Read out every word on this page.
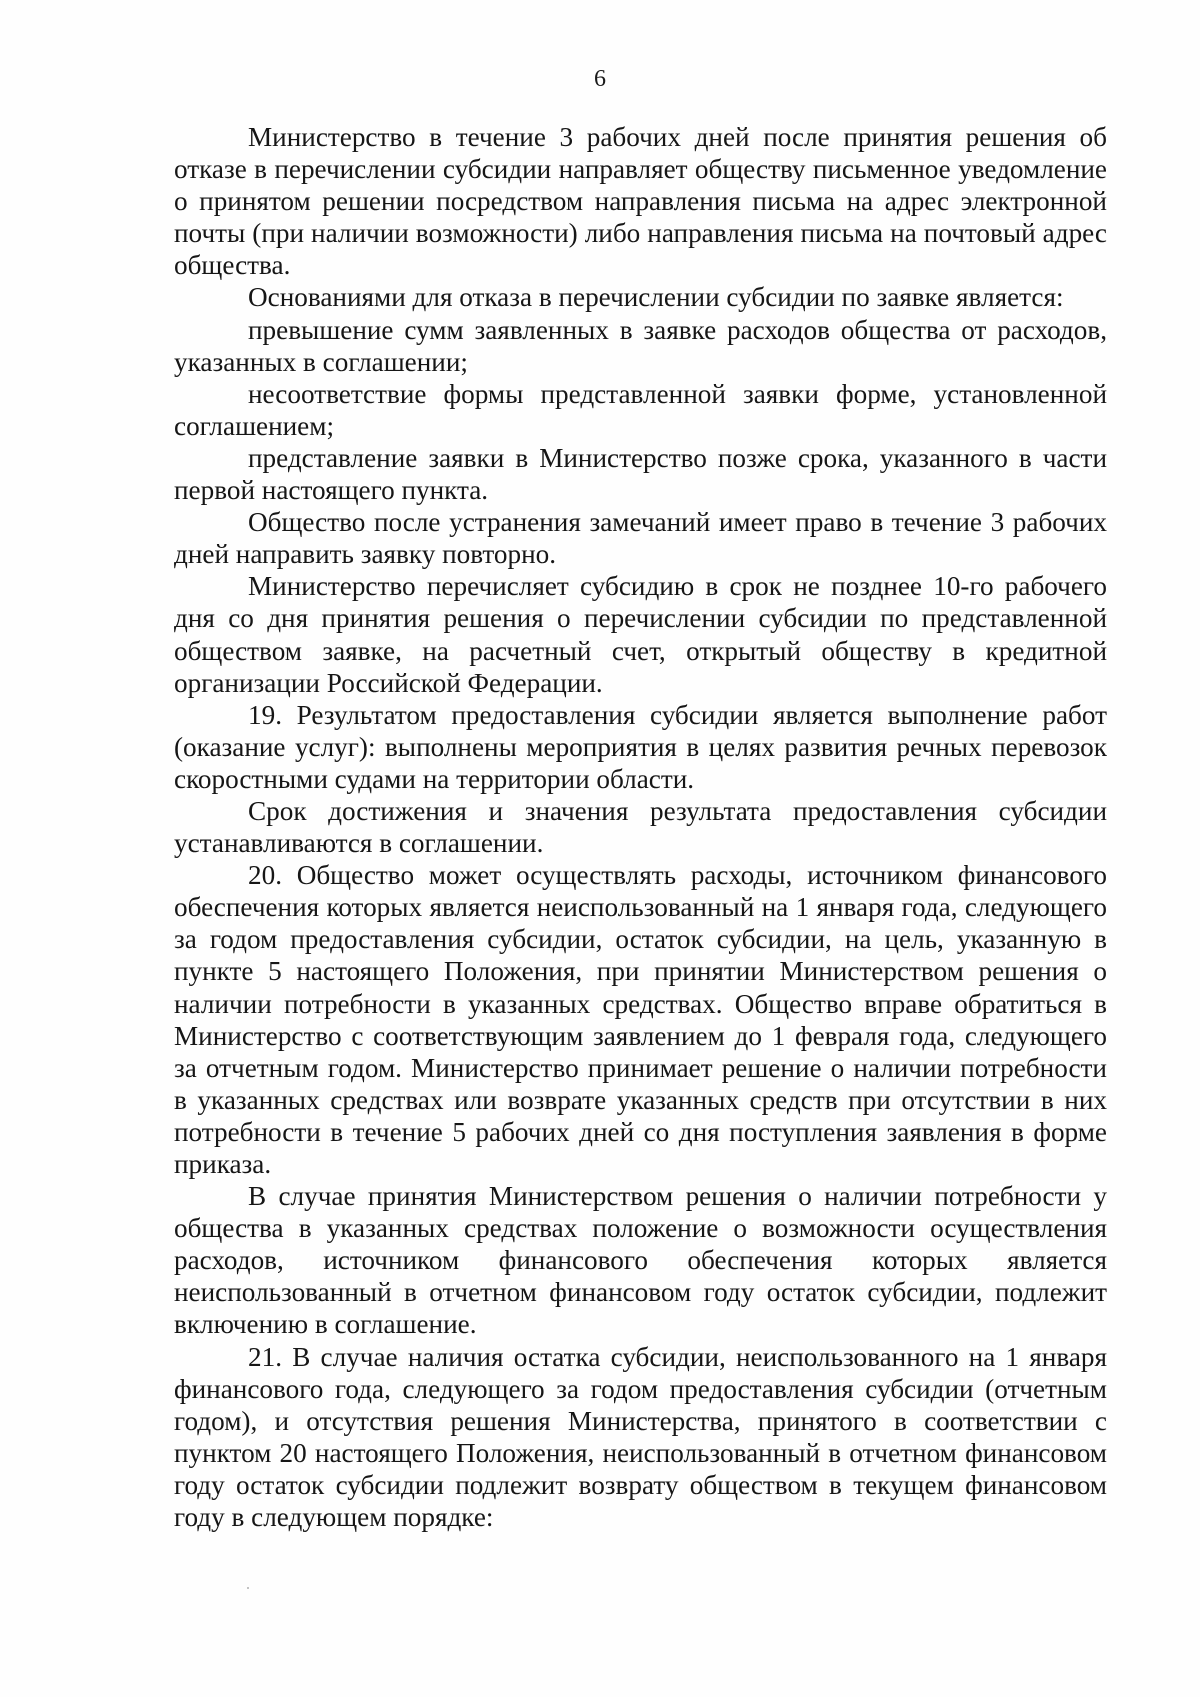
6

Министерство в течение 3 рабочих дней после принятия решения об отказе в перечислении субсидии направляет обществу письменное уведомление о принятом решении посредством направления письма на адрес электронной почты (при наличии возможности) либо направления письма на почтовый адрес общества.

Основаниями для отказа в перечислении субсидии по заявке является:

превышение сумм заявленных в заявке расходов общества от расходов, указанных в соглашении;

несоответствие формы представленной заявки форме, установленной соглашением;

представление заявки в Министерство позже срока, указанного в части первой настоящего пункта.

Общество после устранения замечаний имеет право в течение 3 рабочих дней направить заявку повторно.

Министерство перечисляет субсидию в срок не позднее 10-го рабочего дня со дня принятия решения о перечислении субсидии по представленной обществом заявке, на расчетный счет, открытый обществу в кредитной организации Российской Федерации.

19. Результатом предоставления субсидии является выполнение работ (оказание услуг): выполнены мероприятия в целях развития речных перевозок скоростными судами на территории области.

Срок достижения и значения результата предоставления субсидии устанавливаются в соглашении.

20. Общество может осуществлять расходы, источником финансового обеспечения которых является неиспользованный на 1 января года, следующего за годом предоставления субсидии, остаток субсидии, на цель, указанную в пункте 5 настоящего Положения, при принятии Министерством решения о наличии потребности в указанных средствах. Общество вправе обратиться в Министерство с соответствующим заявлением до 1 февраля года, следующего за отчетным годом. Министерство принимает решение о наличии потребности в указанных средствах или возврате указанных средств при отсутствии в них потребности в течение 5 рабочих дней со дня поступления заявления в форме приказа.

В случае принятия Министерством решения о наличии потребности у общества в указанных средствах положение о возможности осуществления расходов, источником финансового обеспечения которых является неиспользованный в отчетном финансовом году остаток субсидии, подлежит включению в соглашение.

21. В случае наличия остатка субсидии, неиспользованного на 1 января финансового года, следующего за годом предоставления субсидии (отчетным годом), и отсутствия решения Министерства, принятого в соответствии с пунктом 20 настоящего Положения, неиспользованный в отчетном финансовом году остаток субсидии подлежит возврату обществом в текущем финансовом году в следующем порядке:
